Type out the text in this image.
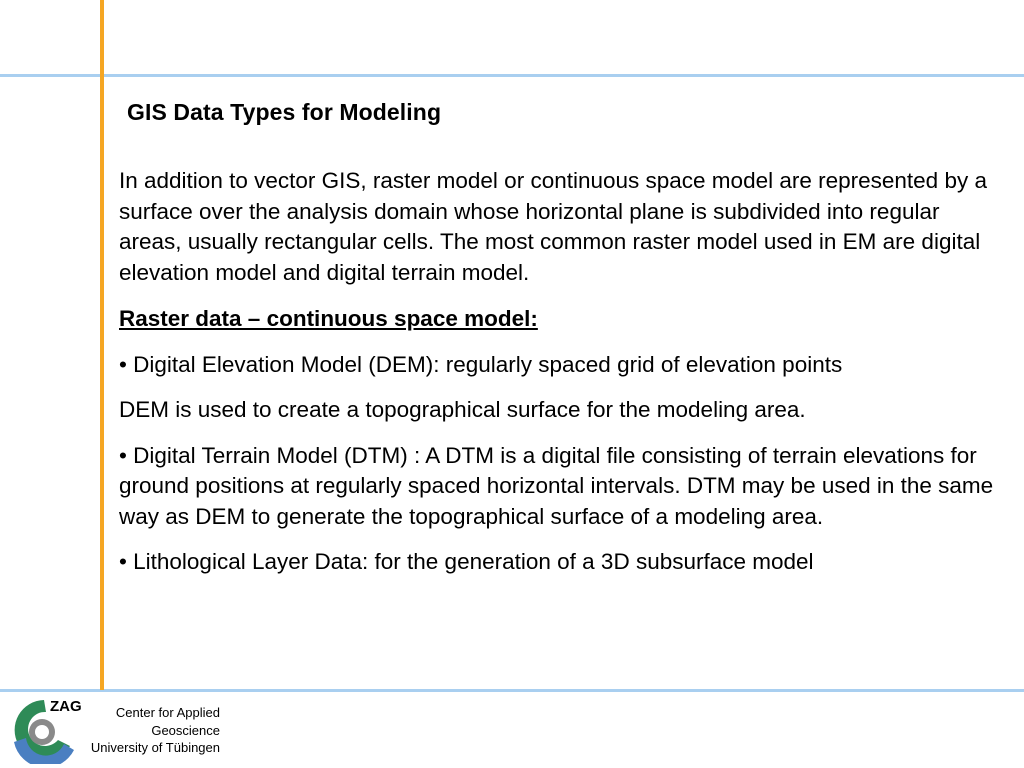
GIS Data Types for Modeling

In addition to vector GIS, raster model or continuous space model are represented by a surface over the analysis domain whose horizontal plane is subdivided into regular areas, usually rectangular cells. The most common raster model used in EM are digital elevation model and digital terrain model.

Raster data – continuous space model:

• Digital Elevation Model (DEM): regularly spaced grid of elevation points

DEM is used to create a topographical surface for the modeling area.

• Digital Terrain Model (DTM) : A DTM is a digital file consisting of terrain elevations for ground positions at regularly spaced horizontal intervals. DTM may be used in the same way as DEM to generate the topographical surface of a modeling area.

• Lithological Layer Data: for the generation of a 3D subsurface model

ZAG	Center for Applied
Geoscience
University of Tübingen
